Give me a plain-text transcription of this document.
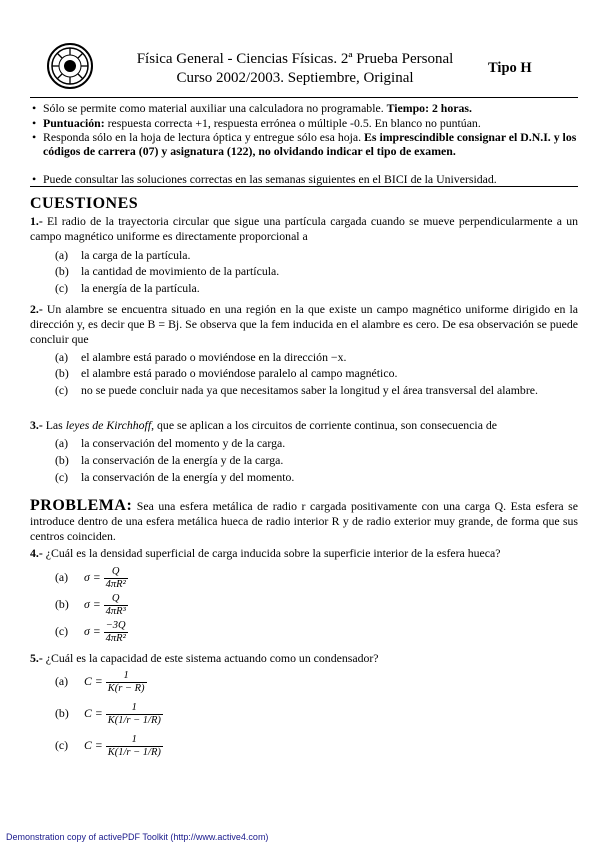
Física General - Ciencias Físicas. 2ª Prueba Personal
Curso 2002/2003. Septiembre, Original
Tipo H
• Sólo se permite como material auxiliar una calculadora no programable. Tiempo: 2 horas.
• Puntuación: respuesta correcta +1, respuesta errónea o múltiple -0.5. En blanco no puntúan.
• Responda sólo en la hoja de lectura óptica y entregue sólo esa hoja. Es imprescindible consignar el D.N.I. y los códigos de carrera (07) y asignatura (122), no olvidando indicar el tipo de examen.
• Puede consultar las soluciones correctas en las semanas siguientes en el BICI de la Universidad.
CUESTIONES
1.- El radio de la trayectoria circular que sigue una partícula cargada cuando se mueve perpendicularmente a un campo magnético uniforme es directamente proporcional a
(a) la carga de la partícula.
(b) la cantidad de movimiento de la partícula.
(c) la energía de la partícula.
2.- Un alambre se encuentra situado en una región en la que existe un campo magnético uniforme dirigido en la dirección y, es decir que B = Bj. Se observa que la fem inducida en el alambre es cero. De esa observación se puede concluir que
(a) el alambre está parado o moviéndose en la dirección −x.
(b) el alambre está parado o moviéndose paralelo al campo magnético.
(c) no se puede concluir nada ya que necesitamos saber la longitud y el área transversal del alambre.
3.- Las leyes de Kirchhoff, que se aplican a los circuitos de corriente continua, son consecuencia de
(a) la conservación del momento y de la carga.
(b) la conservación de la energía y de la carga.
(c) la conservación de la energía y del momento.
PROBLEMA: Sea una esfera metálica de radio r cargada positivamente con una carga Q. Esta esfera se introduce dentro de una esfera metálica hueca de radio interior R y de radio exterior muy grande, de forma que sus centros coinciden.
4.- ¿Cuál es la densidad superficial de carga inducida sobre la superficie interior de la esfera hueca?
(a) $\sigma = \frac{Q}{\text{4πR²}}$
(b) $\sigma = \frac{Q}{\text{4πR³}}$
(c) $\sigma = \frac{-3Q}{\text{4πR²}}$
5.- ¿Cuál es la capacidad de este sistema actuando como un condensador?
(a) $C = \frac{1}{K(r - R)}$
(b) $C = \frac{1}{K(1/r - 1/R)}$
(c) $C = \frac{1}{K(1/r - 1/R)}$
Demonstration copy of activePDF Toolkit (http://www.active4.com)
